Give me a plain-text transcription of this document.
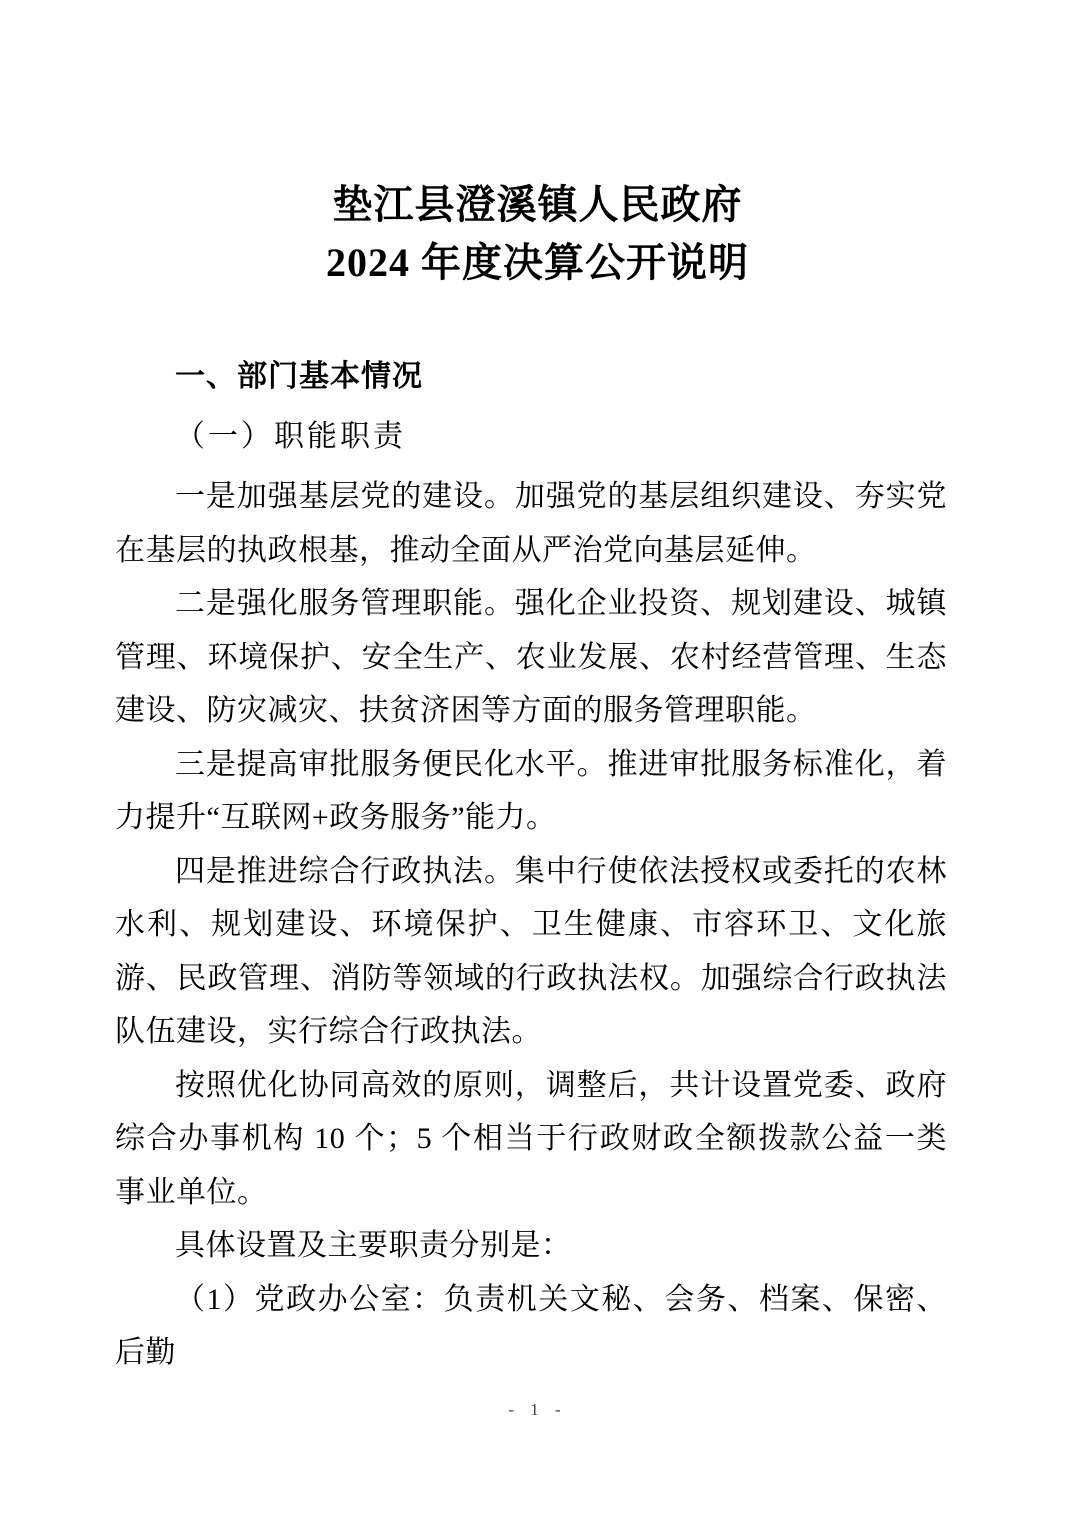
垫江县澄溪镇人民政府
2024 年度决算公开说明
一、部门基本情况
（一）职能职责

一是加强基层党的建设。加强党的基层组织建设、夯实党在基层的执政根基，推动全面从严治党向基层延伸。

二是强化服务管理职能。强化企业投资、规划建设、城镇管理、环境保护、安全生产、农业发展、农村经营管理、生态建设、防灾减灾、扶贫济困等方面的服务管理职能。

三是提高审批服务便民化水平。推进审批服务标准化，着力提升“互联网+政务服务”能力。

四是推进综合行政执法。集中行使依法授权或委托的农林水利、规划建设、环境保护、卫生健康、市容环卫、文化旅游、民政管理、消防等领域的行政执法权。加强综合行政执法队伍建设，实行综合行政执法。

按照优化协同高效的原则，调整后，共计设置党委、政府综合办事机构 10 个；5 个相当于行政财政全额拨款公益一类事业单位。

具体设置及主要职责分别是：

（1）党政办公室：负责机关文秘、会务、档案、保密、后勤

- 1 -
